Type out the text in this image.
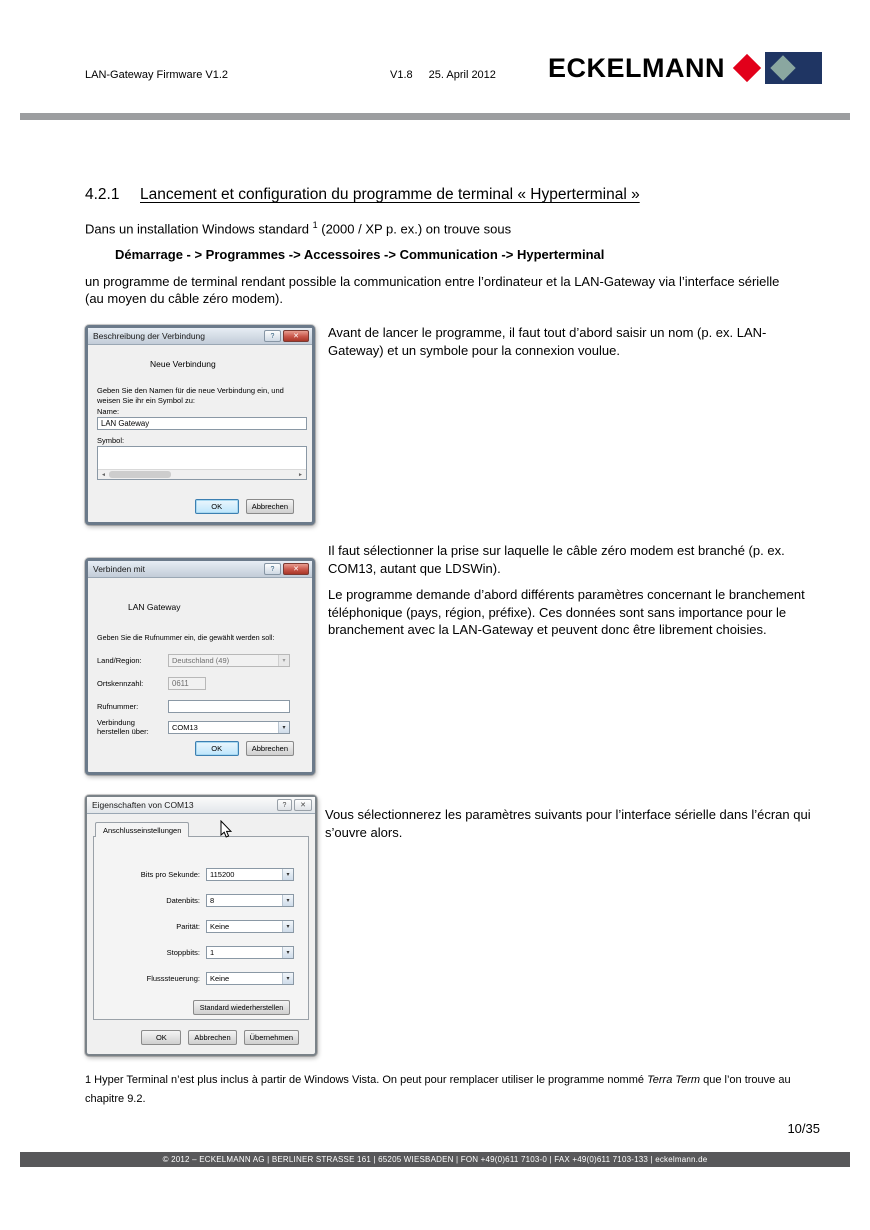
LAN-Gateway Firmware V1.2	V1.8 25. April 2012 ECKELMANN
4.2.1	Lancement et configuration du programme de terminal « Hyperterminal »

Dans un installation Windows standard $^1$ (2000 / XP p. ex.) on trouve sous

Démarrage - > Programmes -> Accessoires -> Communication -> Hyperterminal

un programme de terminal rendant possible la communication entre l’ordinateur et la LAN-Gateway via l’interface sérielle (au moyen du câble zéro modem).

Beschreibung der Verbindung	?	✕
Neue Verbindung
Geben Sie den Namen für die neue Verbindung ein, und weisen Sie ihr ein Symbol zu:
Name:
LAN Gateway
Symbol:
◄	►
OK	Abbrechen

Avant de lancer le programme, il faut tout d’abord saisir un nom (p. ex. LAN-Gateway) et un symbole pour la connexion voulue.

Verbinden mit	?	✕
LAN Gateway
Geben Sie die Rufnummer ein, die gewählt werden soll:
Land/Region:	Deutschland (49)	▾
Ortskennzahl:	0611
Rufnummer:
Verbindung herstellen über:	COM13	▾
OK	Abbrechen

Il faut sélectionner la prise sur laquelle le câble zéro modem est branché (p. ex. COM13, autant que LDSWin).

Le programme demande d’abord différents paramètres concernant le branchement téléphonique (pays, région, préfixe). Ces données sont sans importance pour le branchement avec la LAN-Gateway et peuvent donc être librement choisies.

Eigenschaften von COM13	?	✕
Anschlusseinstellungen
Bits pro Sekunde:	115200	▾
Datenbits:	8	▾
Parität:	Keine	▾
Stoppbits:	1	▾
Flusssteuerung:	Keine	▾
Standard wiederherstellen
OK	Abbrechen	Übernehmen

Vous sélectionnerez les paramètres suivants pour l’interface sérielle dans l’écran qui s’ouvre alors.

1 Hyper Terminal n’est plus inclus à partir de Windows Vista. On peut pour remplacer utiliser le programme nommé Terra Term que l’on trouve au chapitre 9.2.

10/35
© 2012 – ECKELMANN AG | BERLINER STRASSE 161 | 65205 WIESBADEN | FON +49(0)611 7103-0 | FAX +49(0)611 7103-133 | eckelmann.de
